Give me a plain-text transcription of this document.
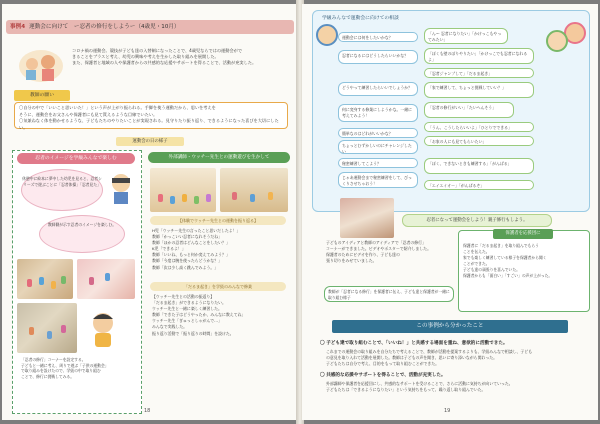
事例4 運動会に向けて　ー忍者の修行をしようー（4歳児・10月）
コロナ禍の運動会。競技が子ども達の入替制になったことで、4歳児ならではの運動会がで
きることをプラスと考え、幼児の興味や考えを生かした取り組みを展開した。
また、保護者と地域の人や保護者からの共感的な応援やサポートを得ることで、活動が充実した。
教師の願い
〇自分の中で「いいこと思いいた！」という声が上がり振られる。手脚を使う運動だから、思いを考えを
そうに、運動会をお父さんや保護者にも見て貰えるような目線でいたい。
〇気兼ねなく体を動かせるような、子どもたちのやりたいことが実現される。見守りたり振り返り、できるようになった喜びを大切にしたい。
運動会の日の様子
忍者のイメージを学級みんなで楽しむ
休憩中に絵本に夢中した幼児を見ると、忍者シリーズで遊ぶことに「忍者体操」「忍者見た」
教師側が示す忍者のイメージを楽しむ。
「忍者の修行」コーナーを設定する。
子どもと一緒に考え、周りで遊ぶ「子供の運動会」
で取り組みを設けたので、学級の中で取り組む
ことで、修行に挑戦してみる。
外部講師・ウッチー先生との運動遊びを生かして
【体験でウッチー先生との運動を振り返る】
H児「ウッチー先生の言ったこと思いだしたよ！」
教師「かっこいい忍者になれそうだね」
教師「ほかの忍者はどんなことをしたい？」
K児「できるよ！」
教師「いいね、もっと何か変えてみよう？」
教師「今度は腕を使ったらどうかな？」
教師「次は少し高く跳んでみよう。」
「だるま起き」を学級のみんなで修業
【ウッチー先生との活動の振返り】
「だるま起き」ができるようになりたい。
ウッチー先生と一緒に楽しく練習した。
教師「できた子はどうやったか、みんなに教えてね」
ウッチー先生「ぎゅっとしゃがんで…」
みんなで実践した。
振り返り活動で「振り返りの時間」を設けた。
18
学級みんなで運動会に向けての相談
運動会には何をしたいかな？
忍者になるにはどうしたらいいかな？
どうやって練習したらいいでしょうか？
何に変身する修業にしようかな。一緒に考えてみよう！
簡単なのはどれがいいかな？
ちょっとむずかしいのにチャレンジしたい
秘密練習してこよう？
じゃあ運動会まで秘密練習をして、びっくりさせちゃおう！
「ん～ 忍者になりたい」「かけっこもやってみたい」
「ぼくも壁のぼりやりたい」「かけっこでも忍者になれるよ」
「忍者ジャンプして」「だるま起き」
「家で練習して、ちょっと挑戦していい？」
「忍者の修行がいい」「たいへんそう」
「うん、こうしたらいいよ」「ひとりでできる」
「お家の人にも見てもらいたい」
「ぼく、できないときも練習する」「がんばる」
「エイエイオー」「がんばるぞ」
忍者になって運動会をしよう！親子修行もしよう。
子どものアイディアと教師のアイディアで「忍者の修行」
コーナーができました。ビデオやポスターで紹介しました。
保護者のためにビデオを作り、子ども達の
張り切りをみせていました。
教師が「忍者になる修行」を保護者に伝え、子ども達と保護者が一緒に取り組む様子
保護者を応援団に
保護者に「だるま起き」を取り組んでもらう
ことを伝えた。
家でも楽しく練習している様子を保護者から聞く
ことができた。
子ども達の頑張りを喜んでいた。
保護者からも「面白い」「すごい」の声が上がった。
この事例から分かったこと
〇 子ども達で取り組むことで、「いいね！」と共感する場面を重ね、意欲的に活動できた。
これまでの運動会の取り組みを自分たちで考えることで、教師が活動を提案するよりも、学級みんなで相談し、子ども
の意見を取り入れて活動を展開した。教師は子どもの声を聞き、思いに寄り添いながら関わった。
子どもたちは自分で考え、目的をもって取り組むことができた。
〇 共感的な応援やサポートを得ることで、活動が充実した。
外部講師や保護者を応援団にし、共感的なサポートを受けることで、さらに活動に気持ちが向いていった。
子どもたちは「できるようになりたい」という気持ちをもって、繰り返し取り組んでいた。
19
